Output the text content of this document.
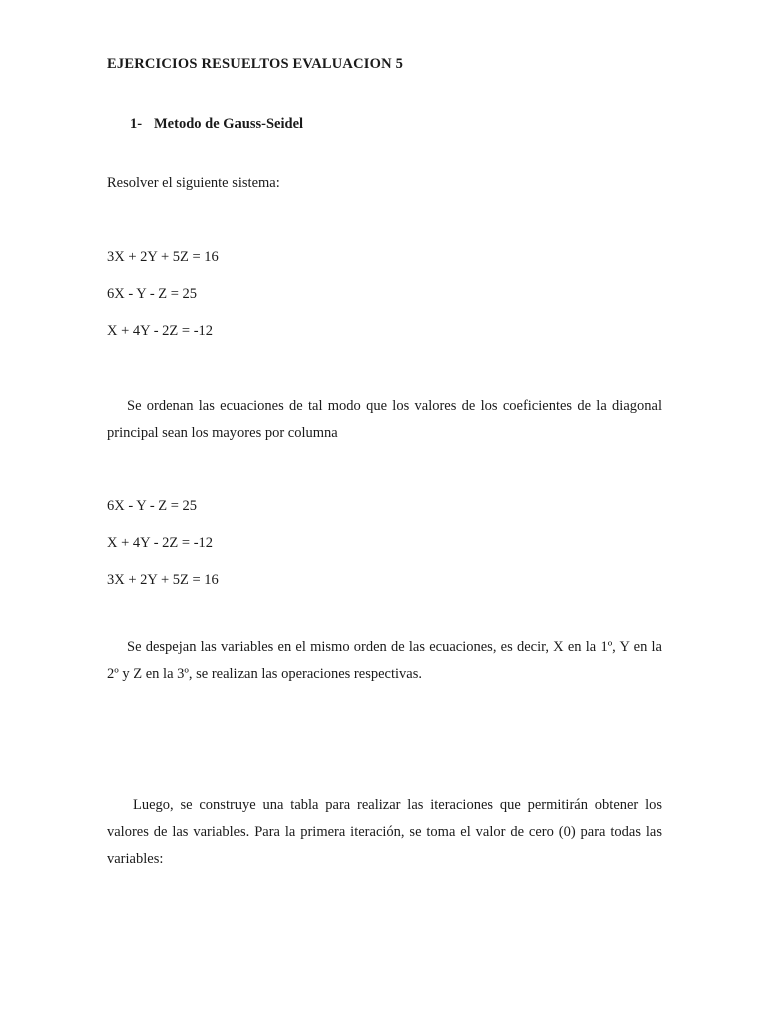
EJERCICIOS RESUELTOS EVALUACION 5
1- Metodo de Gauss-Seidel
Resolver el siguiente sistema:
3X + 2Y + 5Z = 16
6X - Y - Z = 25
X + 4Y - 2Z = -12
Se ordenan las ecuaciones de tal modo que los valores de los coeficientes de la diagonal principal sean los mayores por columna
6X - Y - Z = 25
X + 4Y - 2Z = -12
3X + 2Y + 5Z = 16
Se despejan las variables en el mismo orden de las ecuaciones, es decir, X en la 1º, Y en la 2º y Z en la 3º, se realizan las operaciones respectivas.
Luego, se construye una tabla para realizar las iteraciones que permitirán obtener los valores de las variables. Para la primera iteración, se toma el valor de cero (0) para todas las variables:
